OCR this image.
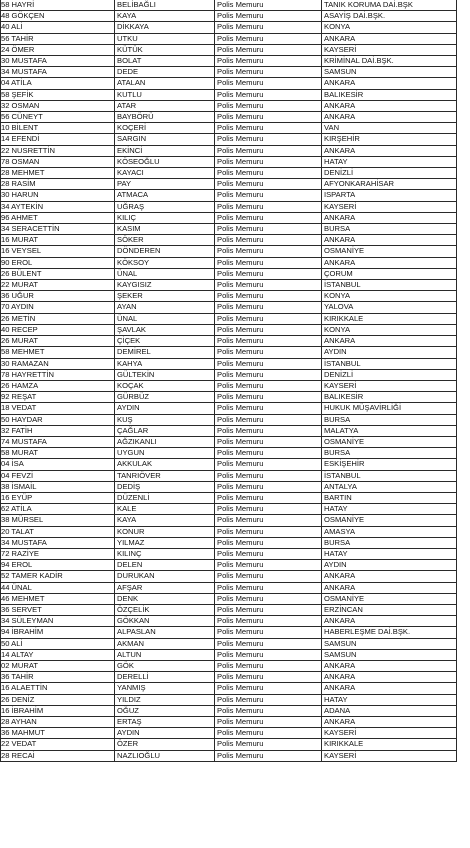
58 HAYRİ	BELİBAĞLI	Polis Memuru	TANIK KORUMA DAİ.BŞK
48 GÖKÇEN	KAYA	Polis Memuru	ASAYİŞ DAİ.BŞK.
40 ALİ	DİKKAYA	Polis Memuru	KONYA
56 TAHİR	UTKU	Polis Memuru	ANKARA
24 ÖMER	KÜTÜK	Polis Memuru	KAYSERİ
30 MUSTAFA	BOLAT	Polis Memuru	KRİMİNAL DAİ.BŞK.
34 MUSTAFA	DEDE	Polis Memuru	SAMSUN
04 ATİLA	ATALAN	Polis Memuru	ANKARA
58 ŞEFİK	KUTLU	Polis Memuru	BALIKESİR
32 OSMAN	ATAR	Polis Memuru	ANKARA
56 CÜNEYT	BAYBÖRÜ	Polis Memuru	ANKARA
10 BİLENT	KOÇERİ	Polis Memuru	VAN
14 EFENDİ	SARGIN	Polis Memuru	KIRŞEHİR
22 NUSRETTİN	EKİNCİ	Polis Memuru	ANKARA
78 OSMAN	KÖSEOĞLU	Polis Memuru	HATAY
28 MEHMET	KAYACI	Polis Memuru	DENİZLİ
28 RASİM	PAY	Polis Memuru	AFYONKARAHİSAR
30 HARUN	ATMACA	Polis Memuru	ISPARTA
34 AYTEKİN	UĞRAŞ	Polis Memuru	KAYSERİ
96 AHMET	KILIÇ	Polis Memuru	ANKARA
34 SERACETTİN	KASIM	Polis Memuru	BURSA
16 MURAT	SÖKER	Polis Memuru	ANKARA
16 VEYSEL	DÖNDEREN	Polis Memuru	OSMANİYE
90 EROL	KÖKSOY	Polis Memuru	ANKARA
26 BÜLENT	ÜNAL	Polis Memuru	ÇORUM
22 MURAT	KAYGISIZ	Polis Memuru	İSTANBUL
36 UĞUR	ŞEKER	Polis Memuru	KONYA
70 AYDIN	AYAN	Polis Memuru	YALOVA
26 METİN	ÜNAL	Polis Memuru	KIRIKKALE
40 RECEP	ŞAVLAK	Polis Memuru	KONYA
26 MURAT	ÇİÇEK	Polis Memuru	ANKARA
58 MEHMET	DEMİREL	Polis Memuru	AYDIN
30 RAMAZAN	KAHYA	Polis Memuru	İSTANBUL
78 HAYRETTİN	GÜLTEKİN	Polis Memuru	DENİZLİ
26 HAMZA	KOÇAK	Polis Memuru	KAYSERİ
92 REŞAT	GÜRBÜZ	Polis Memuru	BALIKESİR
18 VEDAT	AYDIN	Polis Memuru	HUKUK MÜŞAVİRLİĞİ
50 HAYDAR	KUŞ	Polis Memuru	BURSA
32 FATİH	ÇAĞLAR	Polis Memuru	MALATYA
74 MUSTAFA	AĞZIKANLI	Polis Memuru	OSMANİYE
58 MURAT	UYGUN	Polis Memuru	BURSA
04 İSA	AKKULAK	Polis Memuru	ESKİŞEHİR
04 FEVZİ	TANRIÖVER	Polis Memuru	İSTANBUL
38 İSMAİL	DEDİŞ	Polis Memuru	ANTALYA
16 EYÜP	DÜZENLİ	Polis Memuru	BARTIN
62 ATİLA	KALE	Polis Memuru	HATAY
38 MÜRSEL	KAYA	Polis Memuru	OSMANİYE
20 TALAT	KONUR	Polis Memuru	AMASYA
34 MUSTAFA	YILMAZ	Polis Memuru	BURSA
72 RAZİYE	KILINÇ	Polis Memuru	HATAY
94 EROL	DELEN	Polis Memuru	AYDIN
52 TAMER KADİR	DURUKAN	Polis Memuru	ANKARA
44 ÜNAL	AFŞAR	Polis Memuru	ANKARA
46 MEHMET	DENK	Polis Memuru	OSMANİYE
36 SERVET	ÖZÇELİK	Polis Memuru	ERZİNCAN
34 SÜLEYMAN	GÖKKAN	Polis Memuru	ANKARA
94 İBRAHİM	ALPASLAN	Polis Memuru	HABERLEŞME DAİ.BŞK.
50 ALİ	AKMAN	Polis Memuru	SAMSUN
14 ALTAY	ALTUN	Polis Memuru	SAMSUN
02 MURAT	GÖK	Polis Memuru	ANKARA
36 TAHİR	DERELLİ	Polis Memuru	ANKARA
16 ALAETTİN	YANMIŞ	Polis Memuru	ANKARA
26 DENİZ	YILDIZ	Polis Memuru	HATAY
16 İBRAHİM	OĞUZ	Polis Memuru	ADANA
28 AYHAN	ERTAŞ	Polis Memuru	ANKARA
36 MAHMUT	AYDIN	Polis Memuru	KAYSERİ
22 VEDAT	ÖZER	Polis Memuru	KIRIKKALE
28 RECAİ	NAZLIOĞLU	Polis Memuru	KAYSERİ
